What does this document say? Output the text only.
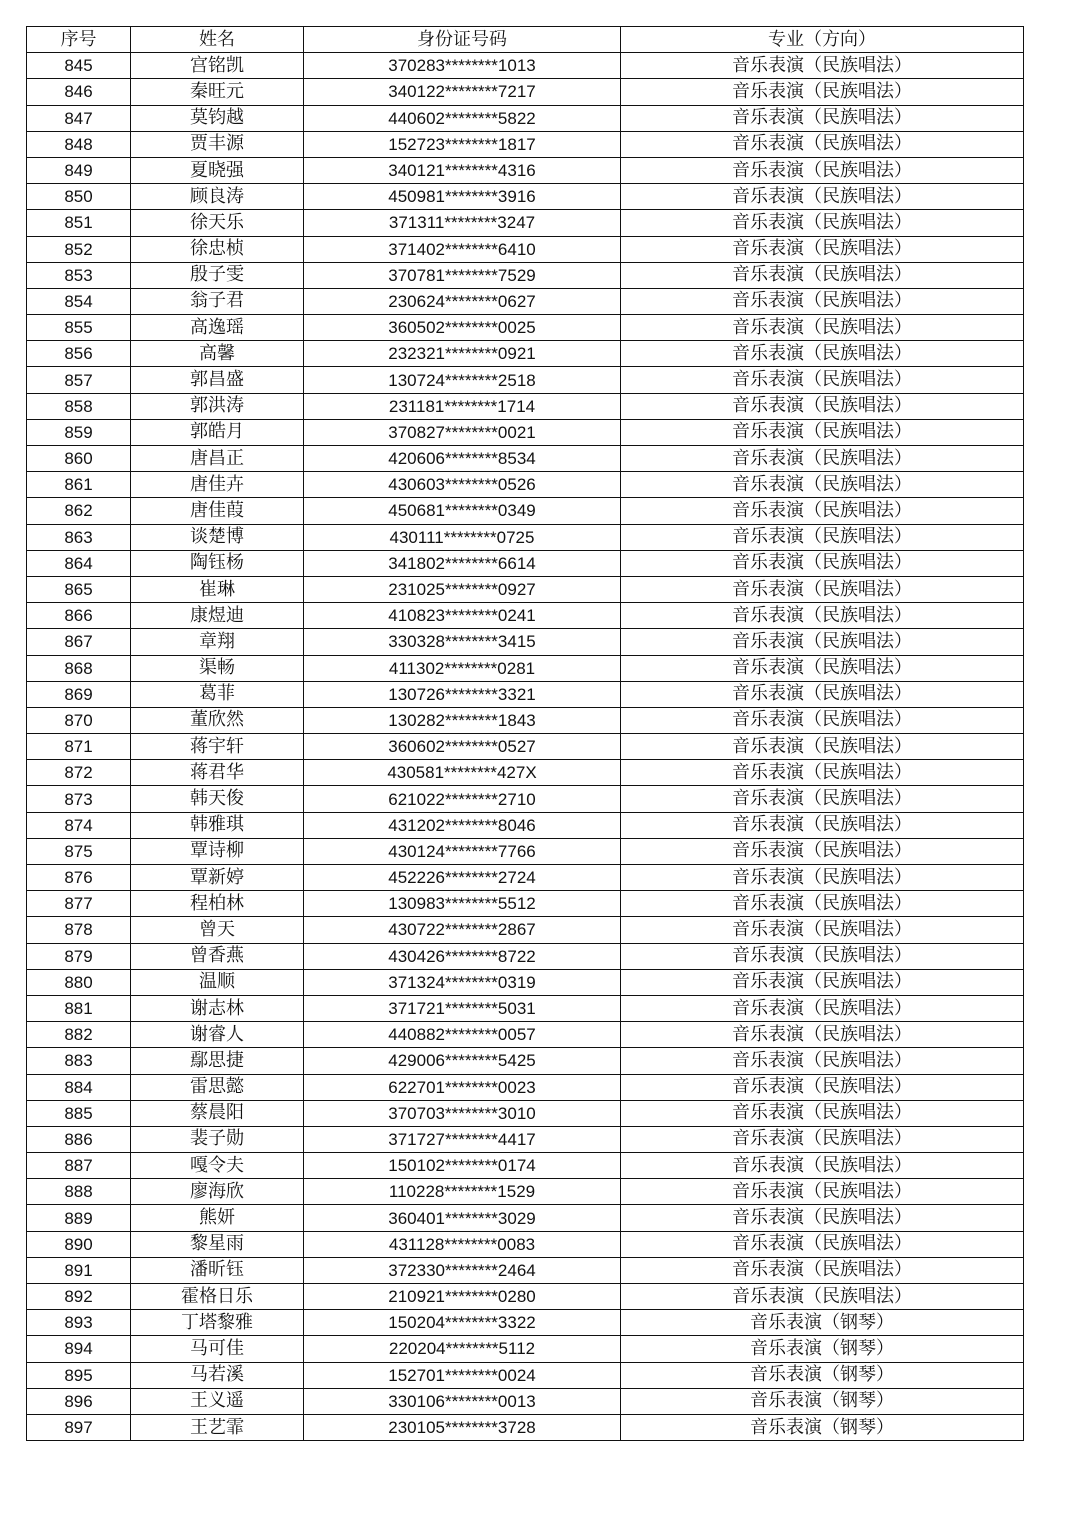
序号	姓名	身份证号码	专业（方向）
845	宫铭凯	370283********1013	音乐表演（民族唱法）
846	秦旺元	340122********7217	音乐表演（民族唱法）
847	莫钧越	440602********5822	音乐表演（民族唱法）
848	贾丰源	152723********1817	音乐表演（民族唱法）
849	夏晓强	340121********4316	音乐表演（民族唱法）
850	顾良涛	450981********3916	音乐表演（民族唱法）
851	徐天乐	371311********3247	音乐表演（民族唱法）
852	徐忠桢	371402********6410	音乐表演（民族唱法）
853	殷子雯	370781********7529	音乐表演（民族唱法）
854	翁子君	230624********0627	音乐表演（民族唱法）
855	高逸瑶	360502********0025	音乐表演（民族唱法）
856	高馨	232321********0921	音乐表演（民族唱法）
857	郭昌盛	130724********2518	音乐表演（民族唱法）
858	郭洪涛	231181********1714	音乐表演（民族唱法）
859	郭皓月	370827********0021	音乐表演（民族唱法）
860	唐昌正	420606********8534	音乐表演（民族唱法）
861	唐佳卉	430603********0526	音乐表演（民族唱法）
862	唐佳葭	450681********0349	音乐表演（民族唱法）
863	谈楚博	430111********0725	音乐表演（民族唱法）
864	陶钰杨	341802********6614	音乐表演（民族唱法）
865	崔琳	231025********0927	音乐表演（民族唱法）
866	康煜迪	410823********0241	音乐表演（民族唱法）
867	章翔	330328********3415	音乐表演（民族唱法）
868	渠畅	411302********0281	音乐表演（民族唱法）
869	葛菲	130726********3321	音乐表演（民族唱法）
870	董欣然	130282********1843	音乐表演（民族唱法）
871	蒋宇轩	360602********0527	音乐表演（民族唱法）
872	蒋君华	430581********427X	音乐表演（民族唱法）
873	韩天俊	621022********2710	音乐表演（民族唱法）
874	韩雅琪	431202********8046	音乐表演（民族唱法）
875	覃诗柳	430124********7766	音乐表演（民族唱法）
876	覃新婷	452226********2724	音乐表演（民族唱法）
877	程柏林	130983********5512	音乐表演（民族唱法）
878	曾天	430722********2867	音乐表演（民族唱法）
879	曾香燕	430426********8722	音乐表演（民族唱法）
880	温顺	371324********0319	音乐表演（民族唱法）
881	谢志林	371721********5031	音乐表演（民族唱法）
882	谢睿人	440882********0057	音乐表演（民族唱法）
883	鄢思捷	429006********5425	音乐表演（民族唱法）
884	雷思懿	622701********0023	音乐表演（民族唱法）
885	蔡晨阳	370703********3010	音乐表演（民族唱法）
886	裴子勋	371727********4417	音乐表演（民族唱法）
887	嘎令夫	150102********0174	音乐表演（民族唱法）
888	廖海欣	110228********1529	音乐表演（民族唱法）
889	熊妍	360401********3029	音乐表演（民族唱法）
890	黎星雨	431128********0083	音乐表演（民族唱法）
891	潘昕钰	372330********2464	音乐表演（民族唱法）
892	霍格日乐	210921********0280	音乐表演（民族唱法）
893	丁塔黎雅	150204********3322	音乐表演（钢琴）
894	马可佳	220204********5112	音乐表演（钢琴）
895	马若溪	152701********0024	音乐表演（钢琴）
896	王义遥	330106********0013	音乐表演（钢琴）
897	王艺霏	230105********3728	音乐表演（钢琴）
